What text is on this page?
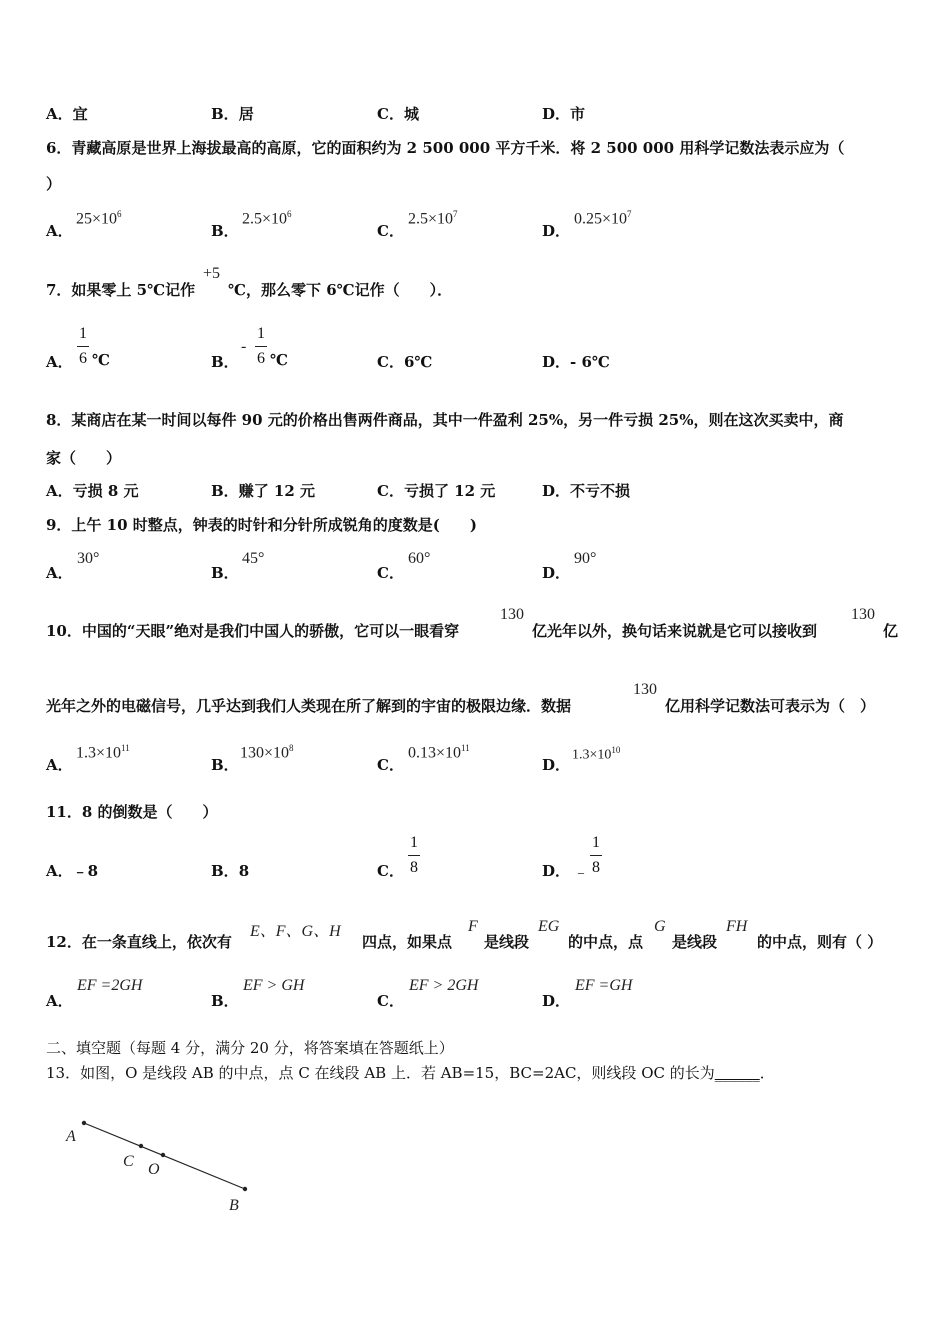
A．宜	B．居	C．城	D．市
6．青藏高原是世界上海拔最高的高原，它的面积约为 2 500 000 平方千米．将 2 500 000 用科学记数法表示应为（
）
A．
$25\times 10^6$
B．
$2.5\times 10^6$
C．
$2.5\times 10^7$
D．
$0.25\times 10^7$
7．如果零上 5℃记作
+5
℃，那么零下 6℃记作（　　）．
A．
1
6 ℃	B．
-
1
6 ℃	C．6℃	D．- 6℃
8．某商店在某一时间以每件 90 元的价格出售两件商品，其中一件盈利 25%，另一件亏损 25%，则在这次买卖中，商
家（　　）
A．亏损 8 元	B．赚了 12 元	C．亏损了 12 元	D．不亏不损
9．上午 10 时整点，钟表的时针和分针所成锐角的度数是(　　)
A．
30°
B．
45°
C．
60°
D．
90°
10．中国的“天眼”绝对是我们中国人的骄傲，它可以一眼看穿
130
亿光年以外，换句话来说就是它可以接收到
130
亿
光年之外的电磁信号，几乎达到我们人类现在所了解到的宇宙的极限边缘．数据
130
亿用科学记数法可表示为（　）
A．
$1.3\times 10^{11}$
B．
$130\times 10^8$
C．
$0.13\times 10^{11}$
D．
$1.3\times 10^{10}$
11．8 的倒数是（　　）
A．﹣8	B．8	C．
1
8	D． ﹣
1
8
12．在一条直线上，依次有
E、F、G、H
四点，如果点
F
是线段
EG
的中点，点
G
是线段
FH
的中点，则有（ ）
A．
EF =2GH
B．
EF > GH
C．
EF > 2GH
D．
EF =GH
二、填空题（每题 4 分，满分 20 分，将答案填在答题纸上）
13．如图，O 是线段 AB 的中点，点 C 在线段 AB 上．若 AB=15，BC=2AC，则线段 OC 的长为______．
A
C O
B
